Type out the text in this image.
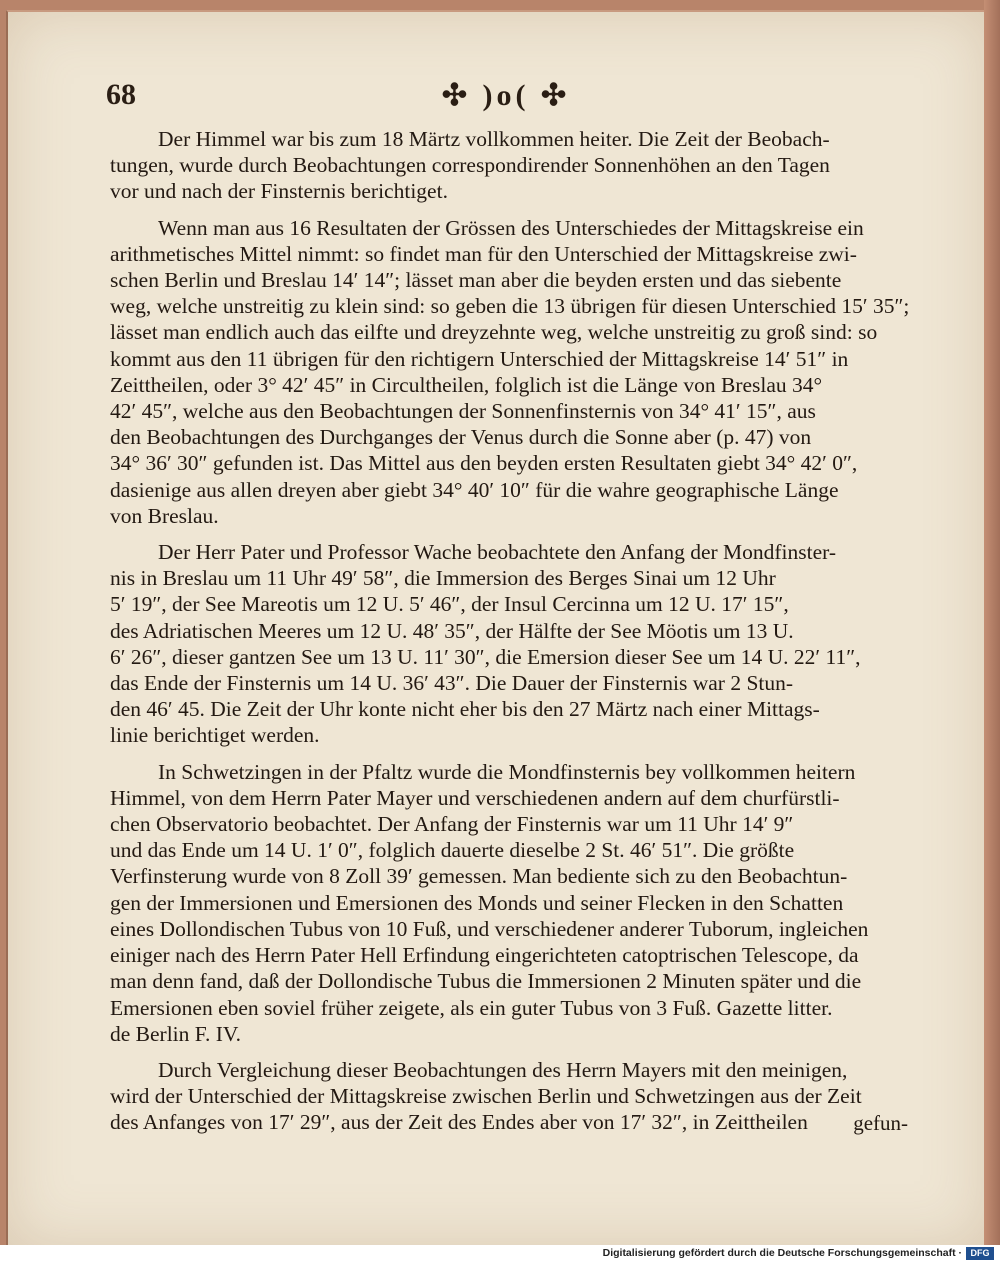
68	✣ )o( ✣
Der Himmel war bis zum 18 Märtz vollkommen heiter. Die Zeit der Beobach-
tungen, wurde durch Beobachtungen correspondirender Sonnenhöhen an den Tagen
vor und nach der Finsternis berichtiget.
Wenn man aus 16 Resultaten der Grössen des Unterschiedes der Mittagskreise ein
arithmetisches Mittel nimmt: so findet man für den Unterschied der Mittagskreise zwi-
schen Berlin und Breslau 14′ 14″; lässet man aber die beyden ersten und das siebente
weg, welche unstreitig zu klein sind: so geben die 13 übrigen für diesen Unterschied 15′ 35″;
lässet man endlich auch das eilfte und dreyzehnte weg, welche unstreitig zu groß sind: so
kommt aus den 11 übrigen für den richtigern Unterschied der Mittagskreise 14′ 51″ in
Zeittheilen, oder 3° 42′ 45″ in Circultheilen, folglich ist die Länge von Breslau 34°
42′ 45″, welche aus den Beobachtungen der Sonnenfinsternis von 34° 41′ 15″, aus
den Beobachtungen des Durchganges der Venus durch die Sonne aber (p. 47) von
34° 36′ 30″ gefunden ist. Das Mittel aus den beyden ersten Resultaten giebt 34° 42′ 0″,
dasienige aus allen dreyen aber giebt 34° 40′ 10″ für die wahre geographische Länge
von Breslau.
Der Herr Pater und Professor Wache beobachtete den Anfang der Mondfinster-
nis in Breslau um 11 Uhr 49′ 58″, die Immersion des Berges Sinai um 12 Uhr
5′ 19″, der See Mareotis um 12 U. 5′ 46″, der Insul Cercinna um 12 U. 17′ 15″,
des Adriatischen Meeres um 12 U. 48′ 35″, der Hälfte der See Möotis um 13 U.
6′ 26″, dieser gantzen See um 13 U. 11′ 30″, die Emersion dieser See um 14 U. 22′ 11″,
das Ende der Finsternis um 14 U. 36′ 43″. Die Dauer der Finsternis war 2 Stun-
den 46′ 45. Die Zeit der Uhr konte nicht eher bis den 27 Märtz nach einer Mittags-
linie berichtiget werden.
In Schwetzingen in der Pfaltz wurde die Mondfinsternis bey vollkommen heitern
Himmel, von dem Herrn Pater Mayer und verschiedenen andern auf dem churfürstli-
chen Observatorio beobachtet. Der Anfang der Finsternis war um 11 Uhr 14′ 9″
und das Ende um 14 U. 1′ 0″, folglich dauerte dieselbe 2 St. 46′ 51″. Die größte
Verfinsterung wurde von 8 Zoll 39′ gemessen. Man bediente sich zu den Beobachtun-
gen der Immersionen und Emersionen des Monds und seiner Flecken in den Schatten
eines Dollondischen Tubus von 10 Fuß, und verschiedener anderer Tuborum, ingleichen
einiger nach des Herrn Pater Hell Erfindung eingerichteten catoptrischen Telescope, da
man denn fand, daß der Dollondische Tubus die Immersionen 2 Minuten später und die
Emersionen eben soviel früher zeigete, als ein guter Tubus von 3 Fuß. Gazette litter.
de Berlin F. IV.
Durch Vergleichung dieser Beobachtungen des Herrn Mayers mit den meinigen,
wird der Unterschied der Mittagskreise zwischen Berlin und Schwetzingen aus der Zeit
des Anfanges von 17′ 29″, aus der Zeit des Endes aber von 17′ 32″, in Zeittheilen	gefun-
Digitalisierung gefördert durch die Deutsche Forschungsgemeinschaft · DFG
